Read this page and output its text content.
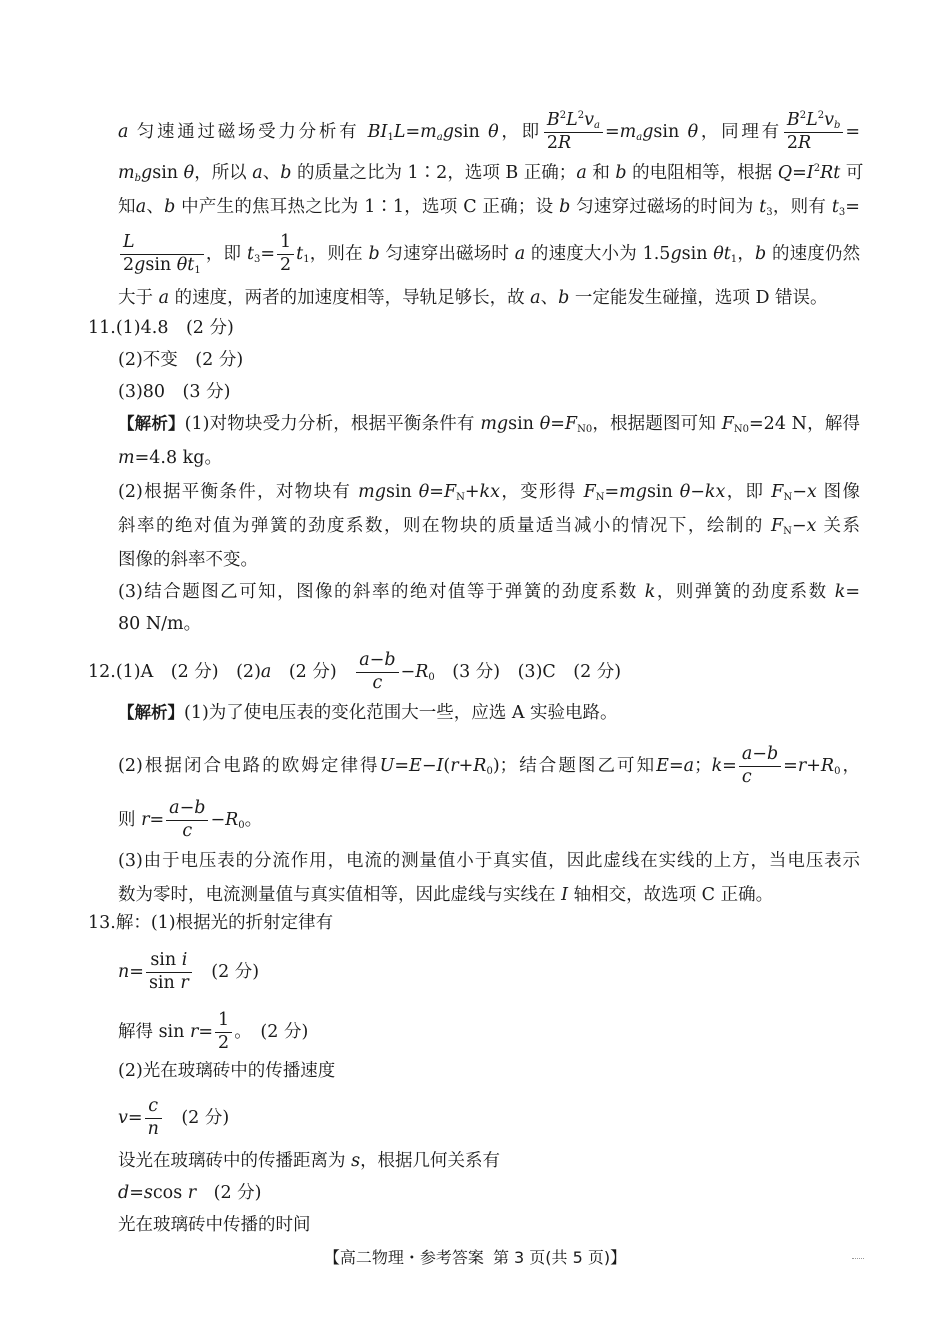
a 匀速通过磁场受力分析有 $BI_1L=m_agsin$ θ，即 $\frac{B^2L^2v_a}{2R} =m_agsin$ θ，同理有 $\frac{B^2L^2v_b}{2R}$ =
$m_bgsin$ θ，所以 a、b 的质量之比为 1∶2，选项 B 正确；a 和 b 的电阻相等，根据 $Q=I^2Rt$ 可
知a、b 中产生的焦耳热之比为 1∶1，选项 C 正确；设 b 匀速穿过磁场的时间为 $t_3$，则有 $t_3=$
$\frac{L}{2gsin \theta t_1}$ ，即 $t_3= \frac{1}{2} t_1$，则在 b 匀速穿出磁场时 a 的速度大小为 1.5gsin $\theta t_1$，b 的速度仍然
大于 a 的速度，两者的加速度相等，导轨足够长，故 a、b 一定能发生碰撞，选项 D 错误。
11.(1)4.8　(2 分)
(2)不变　(2 分)
(3)80　(3 分)
【解析】(1)对物块受力分析，根据平衡条件有 mgsin $\theta=F_{N0}$，根据题图可知 $F_{N0}=24$ N，解得
m=4.8 kg。
(2)根据平衡条件，对物块有 mgsin $\theta=F_N+kx$，变形得 $F_N=mgsin$ θ−kx，即 $F_N-x$ 图像
斜率的绝对值为弹簧的劲度系数，则在物块的质量适当减小的情况下，绘制的 $F_N-x$ 关系
图像的斜率不变。
(3)结合题图乙可知，图像的斜率的绝对值等于弹簧的劲度系数 k，则弹簧的劲度系数 k=
80 N/m。
12.(1)A　(2 分)　(2)a　(2 分)　 $\frac{a-b}{c} -R_0$　 (3 分)　(3)C　(2 分)
【解析】(1)为了使电压表的变化范围大一些，应选 A 实验电路。
(2)根据闭合电路的欧姆定律得$U=E-I(r+R_0)$；结合题图乙可知E=a；$k= \frac{a-b}{c} =r+R_0$，
则 $r= \frac{a-b}{c} -R_0$。
(3)由于电压表的分流作用，电流的测量值小于真实值，因此虚线在实线的上方，当电压表示
数为零时，电流测量值与真实值相等，因此虚线与实线在 I 轴相交，故选项 C 正确。
13.解：(1)根据光的折射定律有
$n= \frac{\text{sin i}}{\text{sin r}}$
　 (2 分)
解得 $\sin r= \frac{1}{2}$ 。　(2 分)
(2)光在玻璃砖中的传播速度
$v= \frac{c}{n}$
　 (2 分)
设光在玻璃砖中的传播距离为 s，根据几何关系有
d=scos r　 (2 分)
光在玻璃砖中传播的时间
【高二物理・参考答案 第 3 页(共 5 页)】
